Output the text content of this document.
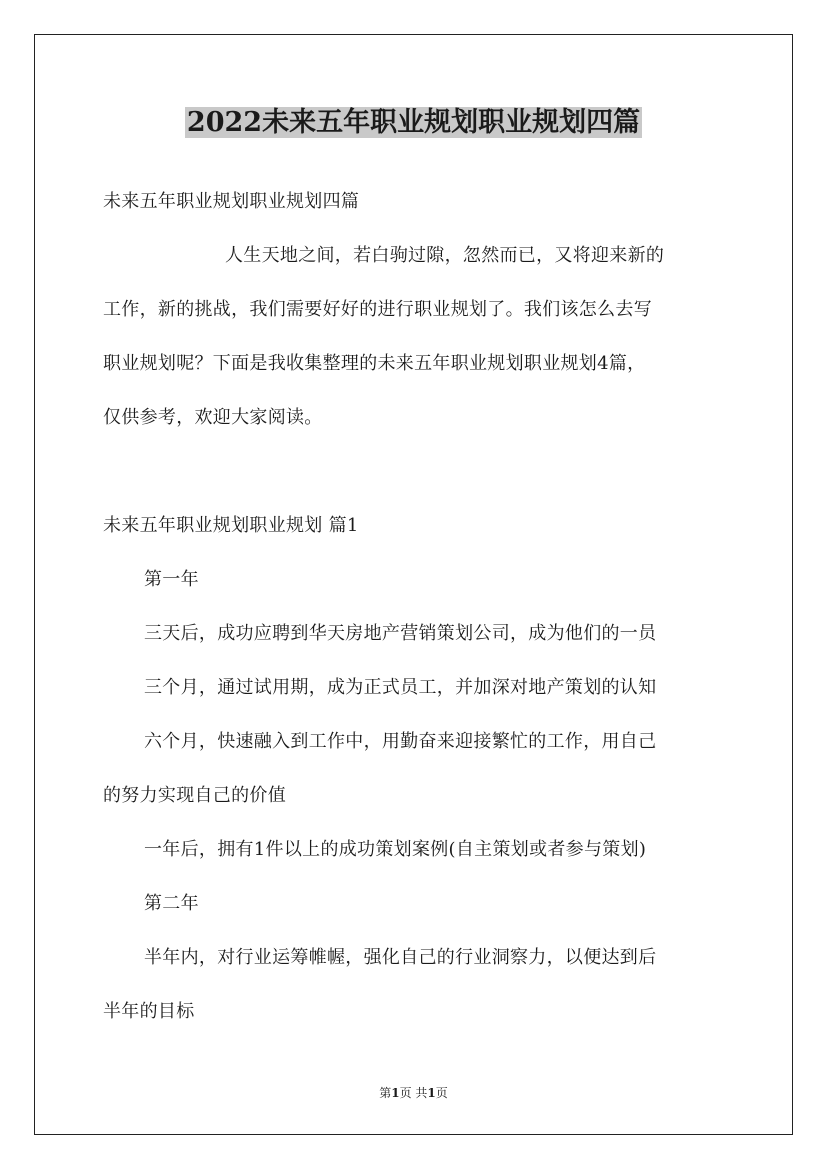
2022未来五年职业规划职业规划四篇
未来五年职业规划职业规划四篇
人生天地之间，若白驹过隙，忽然而已，又将迎来新的
工作，新的挑战，我们需要好好的进行职业规划了。我们该怎么去写
职业规划呢？下面是我收集整理的未来五年职业规划职业规划4篇，
仅供参考，欢迎大家阅读。
未来五年职业规划职业规划 篇1
第一年
三天后，成功应聘到华天房地产营销策划公司，成为他们的一员
三个月，通过试用期，成为正式员工，并加深对地产策划的认知
六个月，快速融入到工作中，用勤奋来迎接繁忙的工作，用自己
的努力实现自己的价值
一年后，拥有1件以上的成功策划案例(自主策划或者参与策划)
第二年
半年内，对行业运筹帷幄，强化自己的行业洞察力，以便达到后
半年的目标
第1页 共1页
